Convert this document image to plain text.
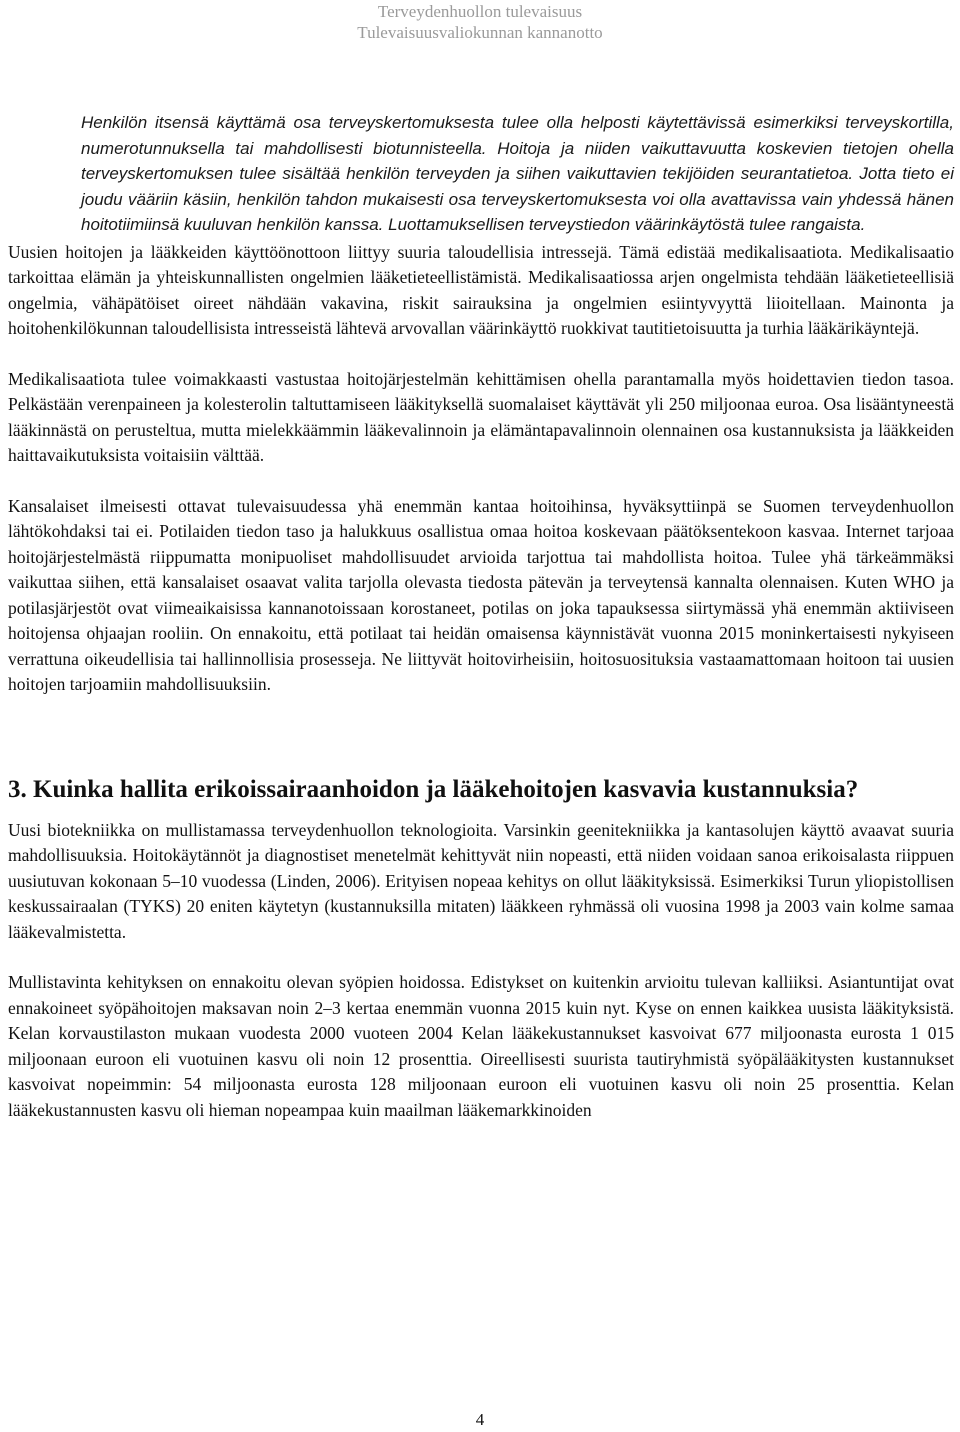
Terveydenhuollon tulevaisuus
Tulevaisuusvaliokunnan kannanotto

Henkilön itsensä käyttämä osa terveyskertomuksesta tulee olla helposti käytettävissä esimerkiksi terveyskortilla, numerotunnuksella tai mahdollisesti biotunnisteella. Hoitoja ja niiden vaikuttavuutta koskevien tietojen ohella terveyskertomuksen tulee sisältää henkilön terveyden ja siihen vaikuttavien tekijöiden seurantatietoa. Jotta tieto ei joudu vääriin käsiin, henkilön tahdon mukaisesti osa terveyskertomuksesta voi olla avattavissa vain yhdessä hänen hoitotiimiinsä kuuluvan henkilön kanssa. Luottamuksellisen terveystiedon väärinkäytöstä tulee rangaista.

Uusien hoitojen ja lääkkeiden käyttöönottoon liittyy suuria taloudellisia intressejä. Tämä edistää medikalisaatiota. Medikalisaatio tarkoittaa elämän ja yhteiskunnallisten ongelmien lääketieteellistämistä. Medikalisaatiossa arjen ongelmista tehdään lääketieteellisiä ongelmia, vähäpätöiset oireet nähdään vakavina, riskit sairauksina ja ongelmien esiintyvyyttä liioitellaan. Mainonta ja hoitohenkilökunnan taloudellisista intresseistä lähtevä arvovallan väärinkäyttö ruokkivat tautitietoisuutta ja turhia lääkärikäyntejä.

Medikalisaatiota tulee voimakkaasti vastustaa hoitojärjestelmän kehittämisen ohella parantamalla myös hoidettavien tiedon tasoa. Pelkästään verenpaineen ja kolesterolin taltuttamiseen lääkityksellä suomalaiset käyttävät yli 250 miljoonaa euroa. Osa lisääntyneestä lääkinnästä on perusteltua, mutta mielekkäämmin lääkevalinnoin ja elämäntapavalinnoin olennainen osa kustannuksista ja lääkkeiden haittavaikutuksista voitaisiin välttää.

Kansalaiset ilmeisesti ottavat tulevaisuudessa yhä enemmän kantaa hoitoihinsa, hyväksyttiinpä se Suomen terveydenhuollon lähtökohdaksi tai ei. Potilaiden tiedon taso ja halukkuus osallistua omaa hoitoa koskevaan päätöksentekoon kasvaa. Internet tarjoaa hoitojärjestelmästä riippumatta monipuoliset mahdollisuudet arvioida tarjottua tai mahdollista hoitoa. Tulee yhä tärkeämmäksi vaikuttaa siihen, että kansalaiset osaavat valita tarjolla olevasta tiedosta pätevän ja terveytensä kannalta olennaisen. Kuten WHO ja potilasjärjestöt ovat viimeaikaisissa kannanotoissaan korostaneet, potilas on joka tapauksessa siirtymässä yhä enemmän aktiiviseen hoitojensa ohjaajan rooliin. On ennakoitu, että potilaat tai heidän omaisensa käynnistävät vuonna 2015 moninkertaisesti nykyiseen verrattuna oikeudellisia tai hallinnollisia prosesseja. Ne liittyvät hoitovirheisiin, hoitosuosituksia vastaamattomaan hoitoon tai uusien hoitojen tarjoamiin mahdollisuuksiin.

3. Kuinka hallita erikoissairaanhoidon ja lääkehoitojen kasvavia kustannuksia?

Uusi biotekniikka on mullistamassa terveydenhuollon teknologioita. Varsinkin geenitekniikka ja kantasolujen käyttö avaavat suuria mahdollisuuksia. Hoitokäytännöt ja diagnostiset menetelmät kehittyvät niin nopeasti, että niiden voidaan sanoa erikoisalasta riippuen uusiutuvan kokonaan 5–10 vuodessa (Linden, 2006). Erityisen nopeaa kehitys on ollut lääkityksissä. Esimerkiksi Turun yliopistollisen keskussairaalan (TYKS) 20 eniten käytetyn (kustannuksilla mitaten) lääkkeen ryhmässä oli vuosina 1998 ja 2003 vain kolme samaa lääkevalmistetta.

Mullistavinta kehityksen on ennakoitu olevan syöpien hoidossa. Edistykset on kuitenkin arvioitu tulevan kalliiksi. Asiantuntijat ovat ennakoineet syöpähoitojen maksavan noin 2–3 kertaa enemmän vuonna 2015 kuin nyt. Kyse on ennen kaikkea uusista lääkityksistä. Kelan korvaustilaston mukaan vuodesta 2000 vuoteen 2004 Kelan lääkekustannukset kasvoivat 677 miljoonasta eurosta 1 015 miljoonaan euroon eli vuotuinen kasvu oli noin 12 prosenttia. Oireellisesti suurista tautiryhmistä syöpälääkitysten kustannukset kasvoivat nopeimmin: 54 miljoonasta eurosta 128 miljoonaan euroon eli vuotuinen kasvu oli noin 25 prosenttia. Kelan lääkekustannusten kasvu oli hieman nopeampaa kuin maailman lääkemarkkinoiden

4
